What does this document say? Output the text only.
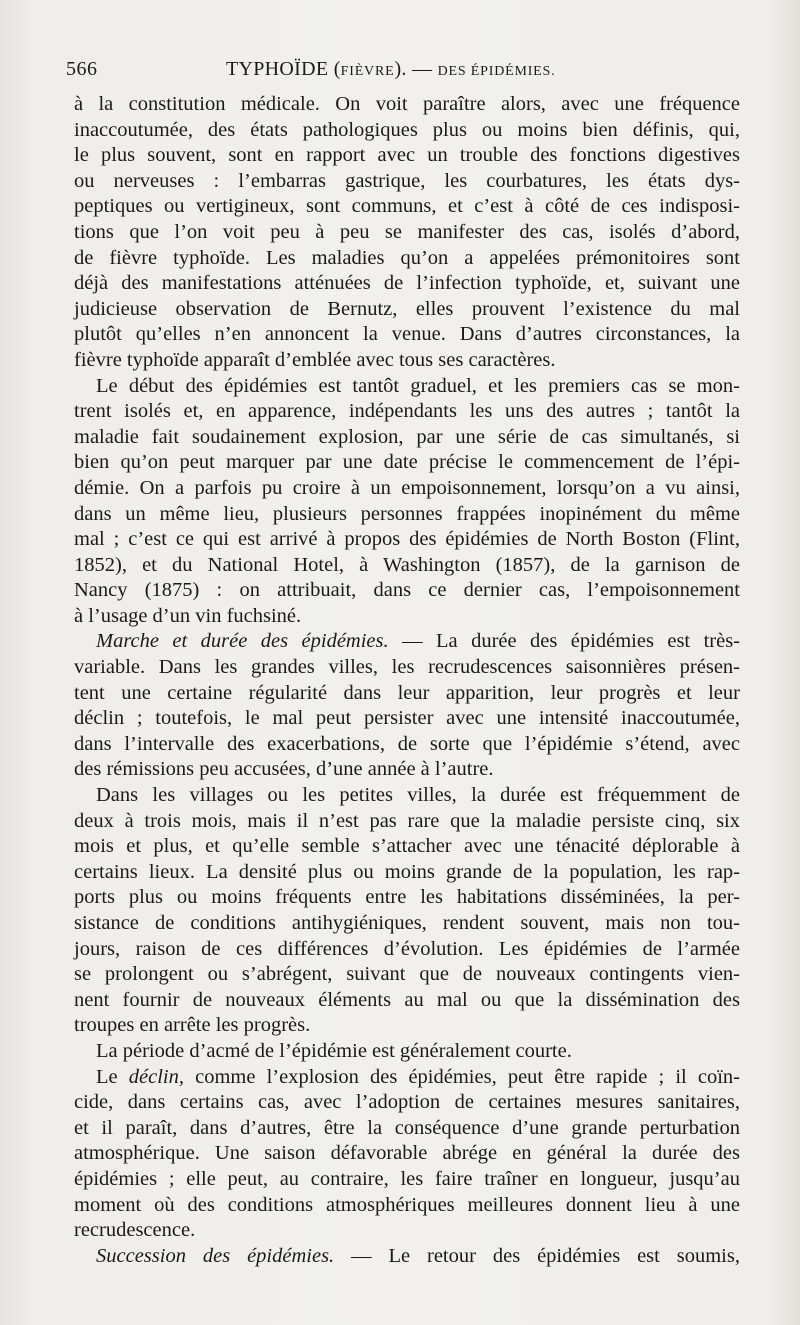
566	TYPHOÏDE (FIÈVRE). — DES ÉPIDÉMIES.
à la constitution médicale. On voit paraître alors, avec une fréquence
inaccoutumée, des états pathologiques plus ou moins bien définis, qui,
le plus souvent, sont en rapport avec un trouble des fonctions digestives
ou nerveuses : l’embarras gastrique, les courbatures, les états dys-
peptiques ou vertigineux, sont communs, et c’est à côté de ces indisposi-
tions que l’on voit peu à peu se manifester des cas, isolés d’abord,
de fièvre typhoïde. Les maladies qu’on a appelées prémonitoires sont
déjà des manifestations atténuées de l’infection typhoïde, et, suivant une
judicieuse observation de Bernutz, elles prouvent l’existence du mal
plutôt qu’elles n’en annoncent la venue. Dans d’autres circonstances, la
fièvre typhoïde apparaît d’emblée avec tous ses caractères.
Le début des épidémies est tantôt graduel, et les premiers cas se mon-
trent isolés et, en apparence, indépendants les uns des autres ; tantôt la
maladie fait soudainement explosion, par une série de cas simultanés, si
bien qu’on peut marquer par une date précise le commencement de l’épi-
démie. On a parfois pu croire à un empoisonnement, lorsqu’on a vu ainsi,
dans un même lieu, plusieurs personnes frappées inopinément du même
mal ; c’est ce qui est arrivé à propos des épidémies de North Boston (Flint,
1852), et du National Hotel, à Washington (1857), de la garnison de
Nancy (1875) : on attribuait, dans ce dernier cas, l’empoisonnement
à l’usage d’un vin fuchsiné.
Marche et durée des épidémies. — La durée des épidémies est très-
variable. Dans les grandes villes, les recrudescences saisonnières présen-
tent une certaine régularité dans leur apparition, leur progrès et leur
déclin ; toutefois, le mal peut persister avec une intensité inaccoutumée,
dans l’intervalle des exacerbations, de sorte que l’épidémie s’étend, avec
des rémissions peu accusées, d’une année à l’autre.
Dans les villages ou les petites villes, la durée est fréquemment de
deux à trois mois, mais il n’est pas rare que la maladie persiste cinq, six
mois et plus, et qu’elle semble s’attacher avec une ténacité déplorable à
certains lieux. La densité plus ou moins grande de la population, les rap-
ports plus ou moins fréquents entre les habitations disséminées, la per-
sistance de conditions antihygiéniques, rendent souvent, mais non tou-
jours, raison de ces différences d’évolution. Les épidémies de l’armée
se prolongent ou s’abrégent, suivant que de nouveaux contingents vien-
nent fournir de nouveaux éléments au mal ou que la dissémination des
troupes en arrête les progrès.
La période d’acmé de l’épidémie est généralement courte.
Le déclin, comme l’explosion des épidémies, peut être rapide ; il coïn-
cide, dans certains cas, avec l’adoption de certaines mesures sanitaires,
et il paraît, dans d’autres, être la conséquence d’une grande perturbation
atmosphérique. Une saison défavorable abrége en général la durée des
épidémies ; elle peut, au contraire, les faire traîner en longueur, jusqu’au
moment où des conditions atmosphériques meilleures donnent lieu à une
recrudescence.
Succession des épidémies. — Le retour des épidémies est soumis,
